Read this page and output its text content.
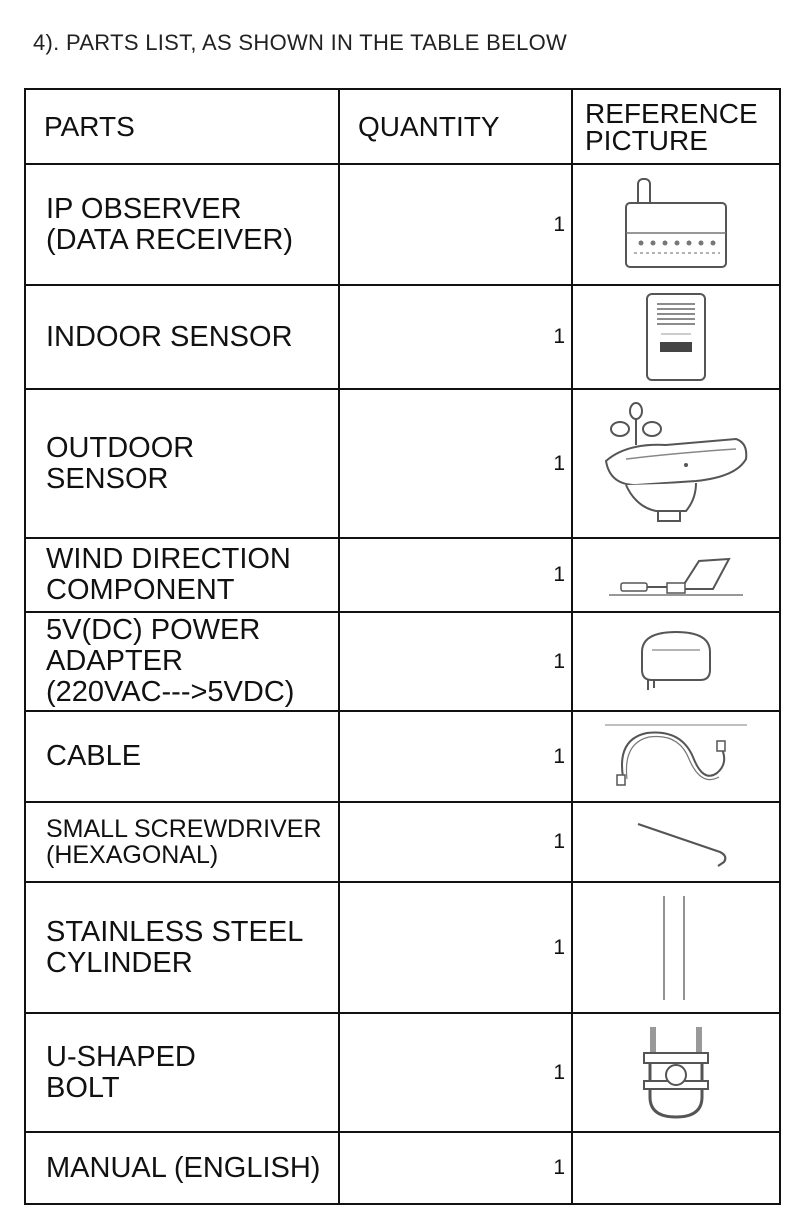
4). PARTS LIST, AS SHOWN IN THE TABLE BELOW
PARTS	QUANTITY	REFERENCE
PICTURE

IP OBSERVER
(DATA RECEIVER)	1	

INDOOR SENSOR	1	

OUTDOOR
SENSOR	1	

WIND DIRECTION
COMPONENT	1	

5V(DC) POWER
ADAPTER
(220VAC--->5VDC)	1	

CABLE	1	

SMALL SCREWDRIVER
(HEXAGONAL)	1	

STAINLESS STEEL
CYLINDER	1	

U-SHAPED
BOLT	1	

MANUAL (ENGLISH)	1	
